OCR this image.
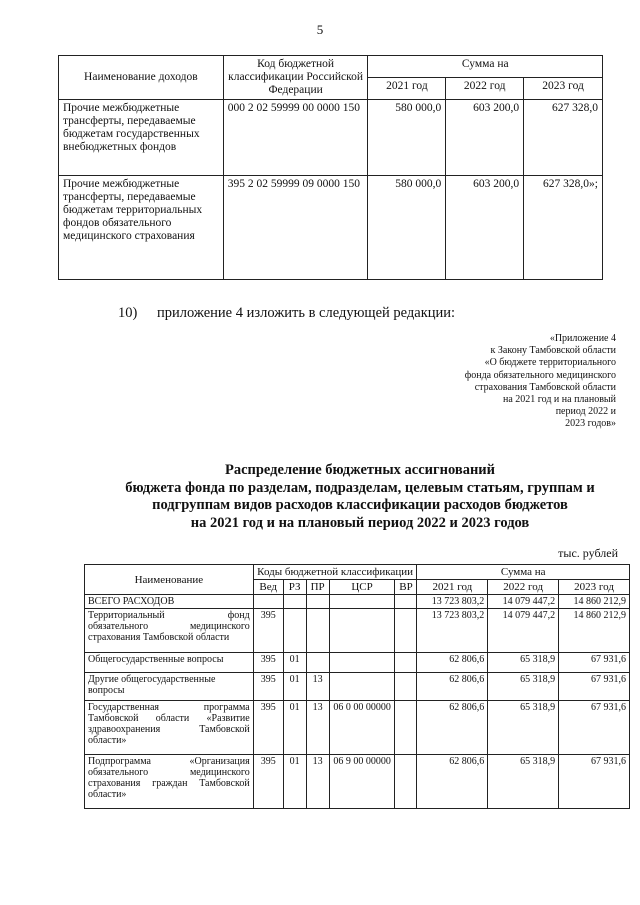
5
Наименование доходов	Код бюджетной классификации Российской Федерации	Сумма на		
		2021 год	2022 год	2023 год
Прочие межбюджетные трансферты, передаваемые бюджетам государственных внебюджетных фондов	000 2 02 59999 00 0000 150	580 000,0	603 200,0	627 328,0
Прочие межбюджетные трансферты, передаваемые бюджетам территориальных фондов обязательного медицинского страхования	395 2 02 59999 09 0000 150	580 000,0	603 200,0	627 328,0»;
10) приложение 4 изложить в следующей редакции:
«Приложение 4
к Закону Тамбовской области
«О бюджете территориального
фонда обязательного медицинского
страхования Тамбовской области
на 2021 год и на плановый
период 2022 и
2023 годов»
Распределение бюджетных ассигнований
бюджета фонда по разделам, подразделам, целевым статьям, группам и
подгруппам видов расходов классификации расходов бюджетов
на 2021 год и на плановый период 2022 и 2023 годов
тыс. рублей
Наименование	Коды бюджетной классификации					Сумма на		
	Вед	РЗ	ПР	ЦСР	ВР	2021 год	2022 год	2023 год
ВСЕГО РАСХОДОВ						13 723 803,2	14 079 447,2	14 860 212,9
Территориальный фонд обязательного медицинского страхования Тамбовской области	395					13 723 803,2	14 079 447,2	14 860 212,9
Общегосударственные вопросы	395	01				62 806,6	65 318,9	67 931,6
Другие общегосударственные вопросы	395	01	13			62 806,6	65 318,9	67 931,6
Государственная программа Тамбовской области «Развитие здравоохранения Тамбовской области»	395	01	13	06 0 00 00000		62 806,6	65 318,9	67 931,6
Подпрограмма «Организация обязательного медицинского страхования граждан Тамбовской области»	395	01	13	06 9 00 00000		62 806,6	65 318,9	67 931,6
